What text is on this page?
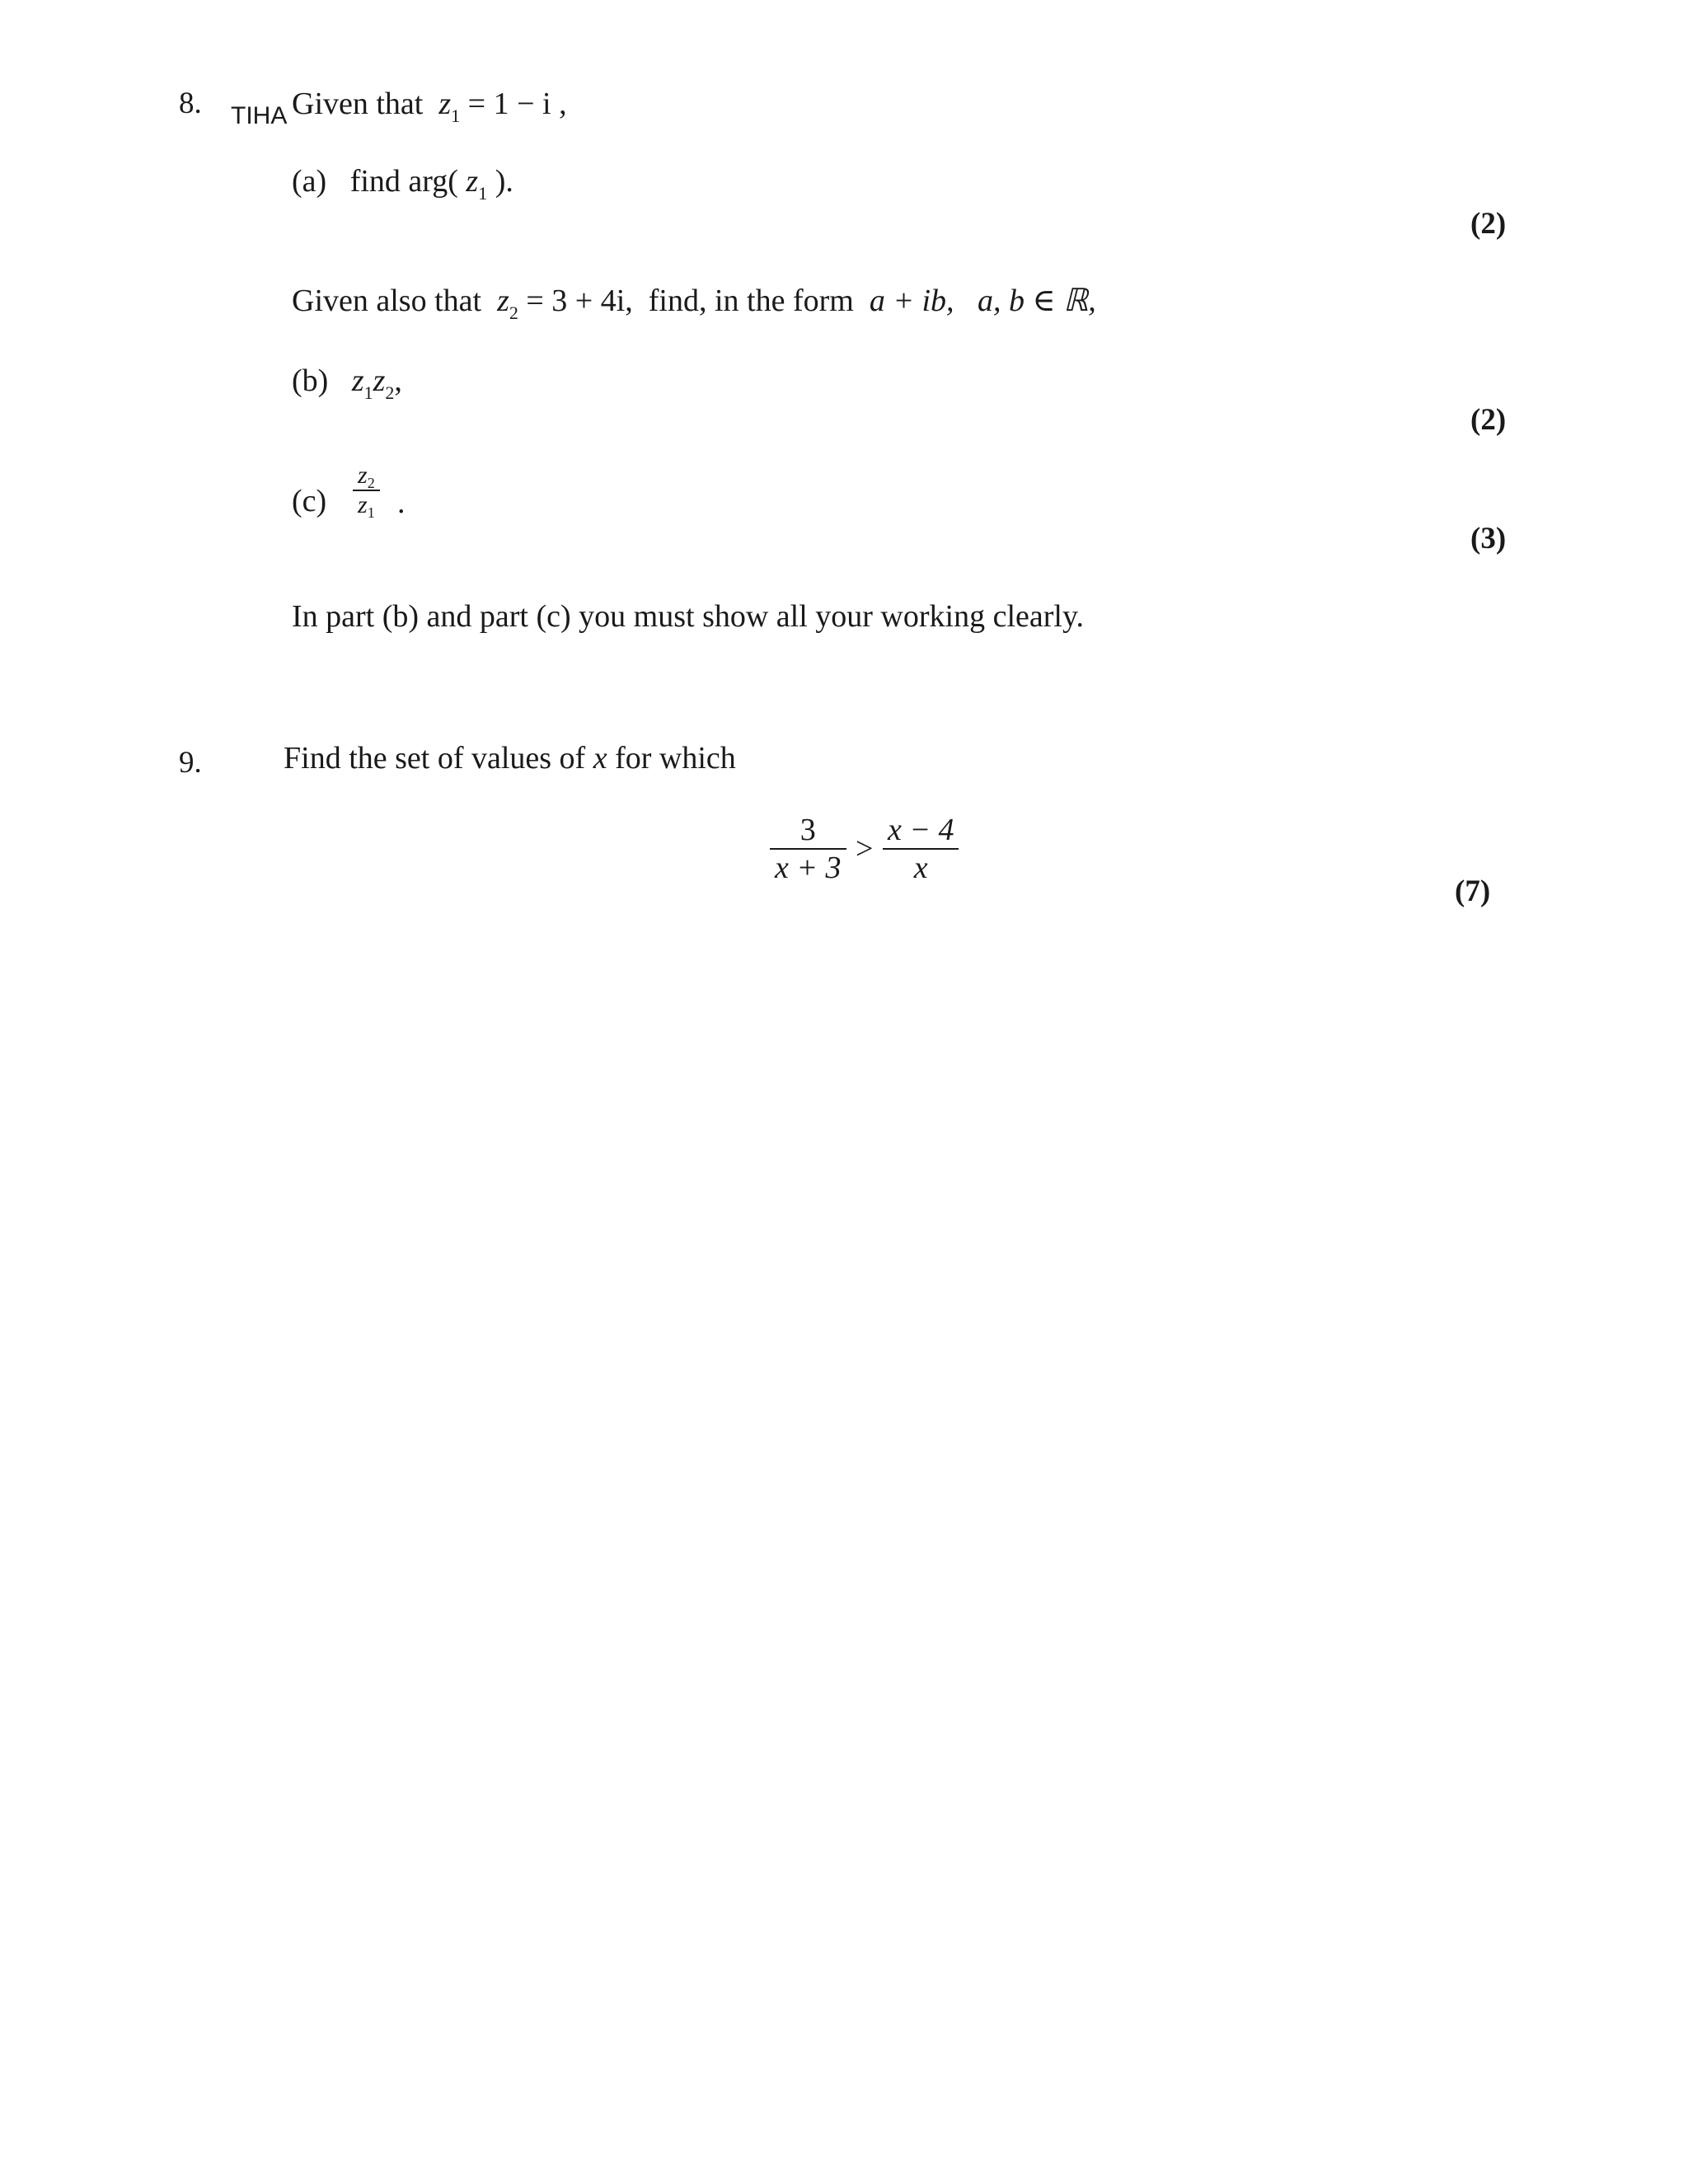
8. TIHA Given that $z_1 = 1 - i$ ,
(a) find arg( $z_1$ ).
(2)
Given also that $z_2 = 3 + 4i$, find, in the form a + ib, a, b ∈ ℝ,
(b) $z_1z_2$,
(2)
$(c) \frac{z_2}{z_1}$ .
(3)
In part (b) and part (c) you must show all your working clearly.
9.	Find the set of values of x for which
$\frac{3}{x + 3} > \frac{x - 4}{x}$
(7)
